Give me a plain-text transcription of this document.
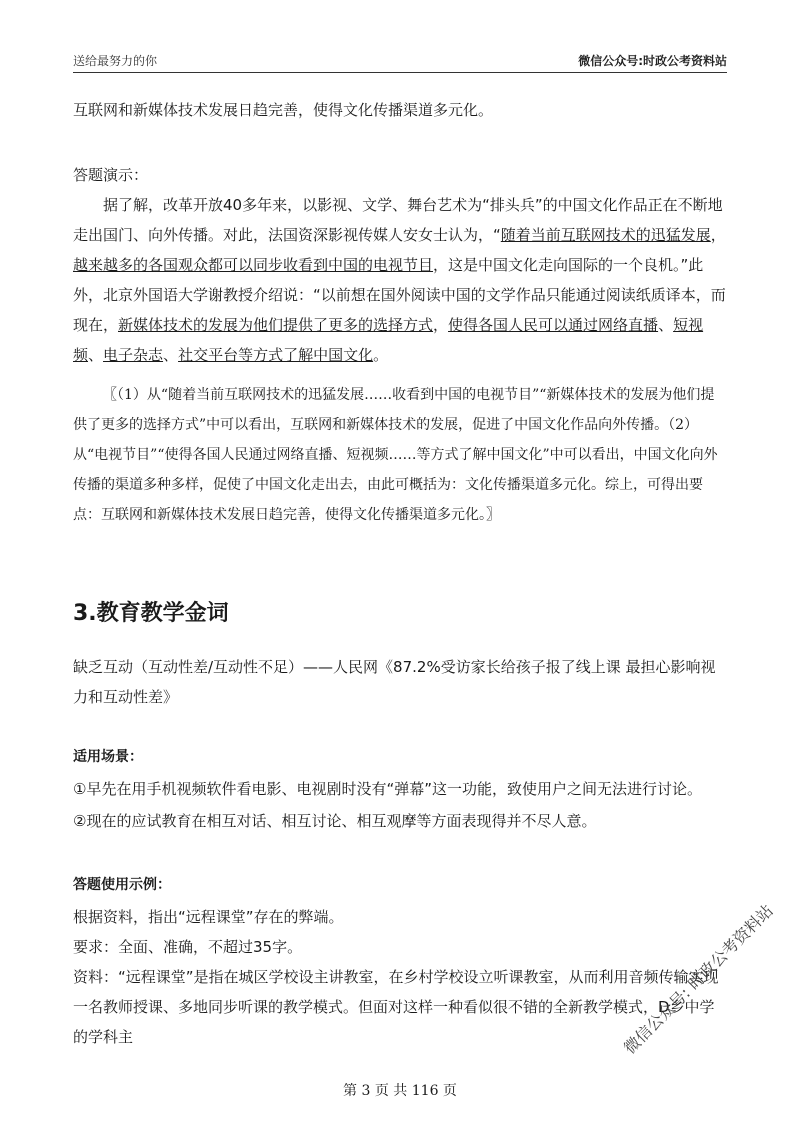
送给最努力的你	微信公众号:时政公考资料站

互联网和新媒体技术发展日趋完善，使得文化传播渠道多元化。

答题演示：

据了解，改革开放40多年来，以影视、文学、舞台艺术为“排头兵”的中国文化作品正在不断地走出国门、向外传播。对此，法国资深影视传媒人安女士认为，“随着当前互联网技术的迅猛发展，越来越多的各国观众都可以同步收看到中国的电视节目，这是中国文化走向国际的一个良机。”此外，北京外国语大学谢教授介绍说：“以前想在国外阅读中国的文学作品只能通过阅读纸质译本，而现在，新媒体技术的发展为他们提供了更多的选择方式，使得各国人民可以通过网络直播、短视频、电子杂志、社交平台等方式了解中国文化。

〖（1）从“随着当前互联网技术的迅猛发展……收看到中国的电视节目”“新媒体技术的发展为他们提供了更多的选择方式”中可以看出，互联网和新媒体技术的发展，促进了中国文化作品向外传播。（2）从“电视节目”“使得各国人民通过网络直播、短视频……等方式了解中国文化”中可以看出，中国文化向外传播的渠道多种多样，促使了中国文化走出去，由此可概括为：文化传播渠道多元化。综上，可得出要点：互联网和新媒体技术发展日趋完善，使得文化传播渠道多元化。〗

3.教育教学金词

缺乏互动（互动性差/互动性不足）——人民网《87.2%受访家长给孩子报了线上课 最担心影响视力和互动性差》

适用场景：

①早先在用手机视频软件看电影、电视剧时没有“弹幕”这一功能，致使用户之间无法进行讨论。

②现在的应试教育在相互对话、相互讨论、相互观摩等方面表现得并不尽人意。

答题使用示例：

根据资料，指出“远程课堂”存在的弊端。

要求：全面、准确，不超过35字。

资料：“远程课堂”是指在城区学校设主讲教室，在乡村学校设立听课教室，从而利用音频传输实现一名教师授课、多地同步听课的教学模式。但面对这样一种看似很不错的全新教学模式，D乡中学的学科主

第 3 页 共 116 页
微信公众号: 时政公考资料站
